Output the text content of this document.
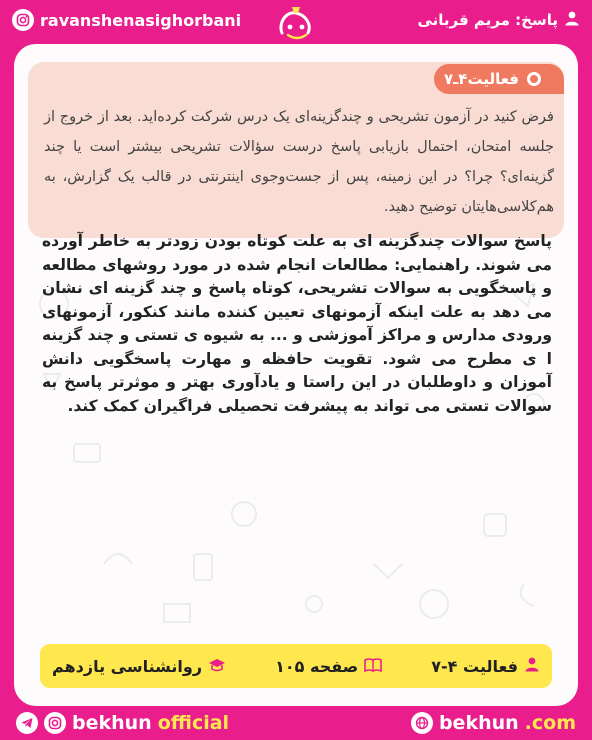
ravanshenasighorbani	پاسخ: مریم قربانی
فعالیت۴ـ۷

فرض کنید در آزمون تشریحی و چندگزینه‌ای یک درس شرکت کرده‌اید. بعد از خروج از جلسه امتحان، احتمال بازیابی پاسخ درست سؤالات تشریحی بیشتر است یا چند گزینه‌ای؟ چرا؟ در این زمینه، پس از جست‌وجوی اینترنتی در قالب یک گزارش، به هم‌کلاسی‌هایتان توضیح دهید.

پاسخ سوالات چندگزینه ای به علت کوتاه بودن زودتر به خاطر آورده می شوند. راهنمایی: مطالعات انجام شده در مورد روشهای مطالعه و پاسخگویی به سوالات تشریحی، کوتاه پاسخ و چند گزینه ای نشان می دهد به علت اینکه آزمونهای تعیین کننده مانند کنکور، آزمونهای ورودی مدارس و مراکز آموزشی و ... به شیوه ی تستی و چند گزینه ا ی مطرح می شود. تقویت حافظه و مهارت پاسخگویی دانش آموزان و داوطلبان در این راستا و یادآوری بهتر و موثرتر پاسخ به سوالات تستی می تواند به پیشرفت تحصیلی فراگیران کمک کند.

فعالیت ۴-۷
صفحه ۱۰۵
روانشناسی یازدهم
bekhun official	bekhun .com
